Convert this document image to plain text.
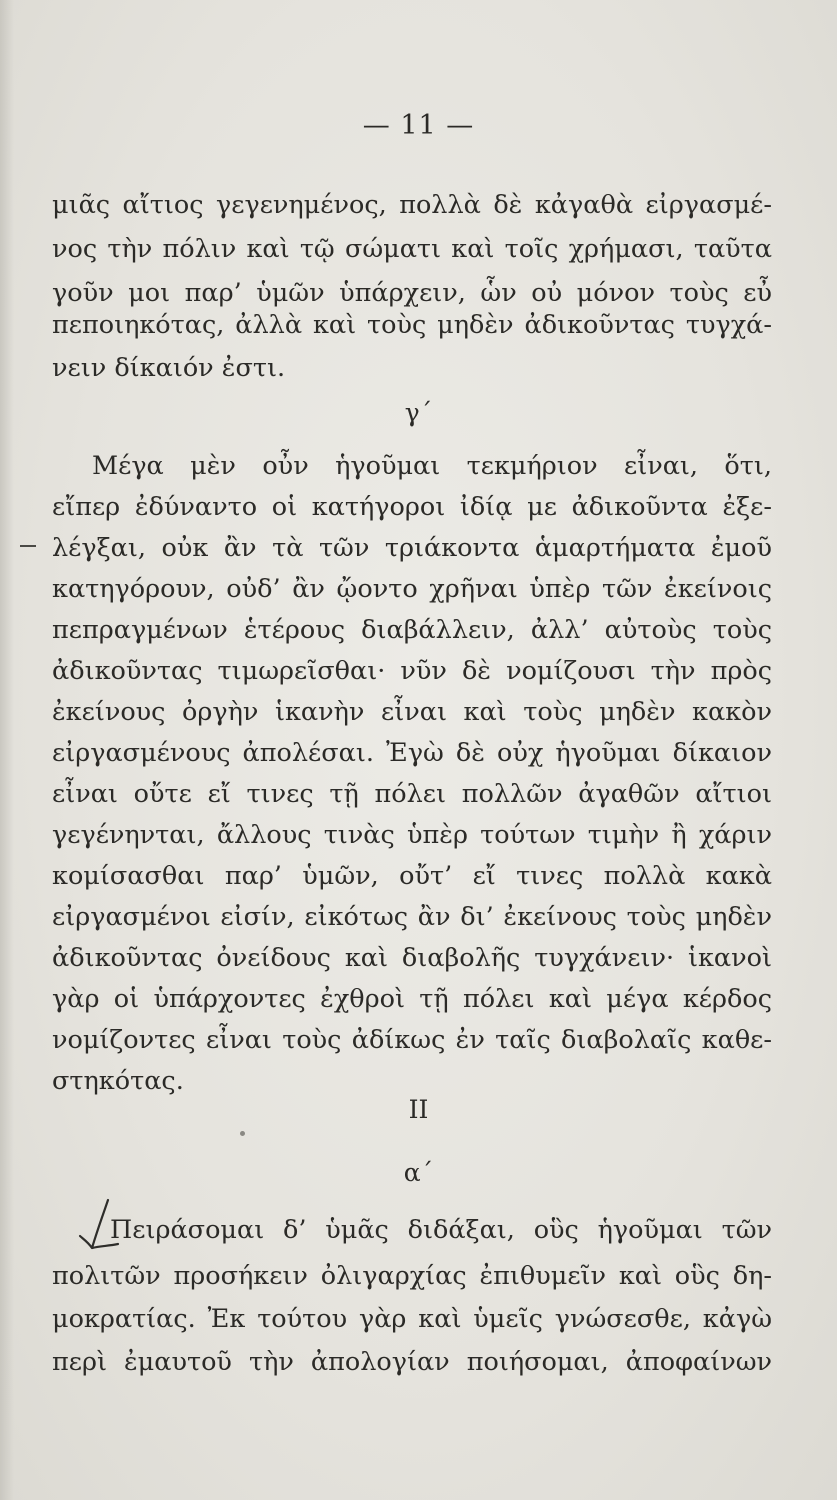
— 11 —
μιᾶς αἴτιος γεγενημένος, πολλὰ δὲ κἀγαθὰ εἰργασμέ-
νος τὴν πόλιν καὶ τῷ σώματι καὶ τοῖς χρήμασι, ταῦτα
γοῦν μοι παρ’ ὑμῶν ὑπάρχειν, ὧν οὐ μόνον τοὺς εὖ
πεποιηκότας, ἀλλὰ καὶ τοὺς μηδὲν ἀδικοῦντας τυγχά-
νειν δίκαιόν ἐστι.
γ΄
Μέγα μὲν οὖν ἡγοῦμαι τεκμήριον εἶναι, ὅτι,
εἴπερ ἐδύναντο οἱ κατήγοροι ἰδίᾳ με ἀδικοῦντα ἐξε-
λέγξαι, οὐκ ἂν τὰ τῶν τριάκοντα ἁμαρτήματα ἐμοῦ
κατηγόρουν, οὐδ’ ἂν ᾤοντο χρῆναι ὑπὲρ τῶν ἐκείνοις
πεπραγμένων ἑτέρους διαβάλλειν, ἀλλ’ αὐτοὺς τοὺς
ἀδικοῦντας τιμωρεῖσθαι· νῦν δὲ νομίζουσι τὴν πρὸς
ἐκείνους ὀργὴν ἱκανὴν εἶναι καὶ τοὺς μηδὲν κακὸν
εἰργασμένους ἀπολέσαι. Ἐγὼ δὲ οὐχ ἡγοῦμαι δίκαιον
εἶναι οὔτε εἴ τινες τῇ πόλει πολλῶν ἀγαθῶν αἴτιοι
γεγένηνται, ἄλλους τινὰς ὑπὲρ τούτων τιμὴν ἢ χάριν
κομίσασθαι παρ’ ὑμῶν, οὔτ’ εἴ τινες πολλὰ κακὰ
εἰργασμένοι εἰσίν, εἰκότως ἂν δι’ ἐκείνους τοὺς μηδὲν
ἀδικοῦντας ὀνείδους καὶ διαβολῆς τυγχάνειν· ἱκανοὶ
γὰρ οἱ ὑπάρχοντες ἐχθροὶ τῇ πόλει καὶ μέγα κέρδος
νομίζοντες εἶναι τοὺς ἀδίκως ἐν ταῖς διαβολαῖς καθε-
στηκότας.
II
α΄
Πειράσομαι δ’ ὑμᾶς διδάξαι, οὓς ἡγοῦμαι τῶν
πολιτῶν προσήκειν ὀλιγαρχίας ἐπιθυμεῖν καὶ οὓς δη-
μοκρατίας. Ἐκ τούτου γὰρ καὶ ὑμεῖς γνώσεσθε, κἀγὼ
περὶ ἐμαυτοῦ τὴν ἀπολογίαν ποιήσομαι, ἀποφαίνων
